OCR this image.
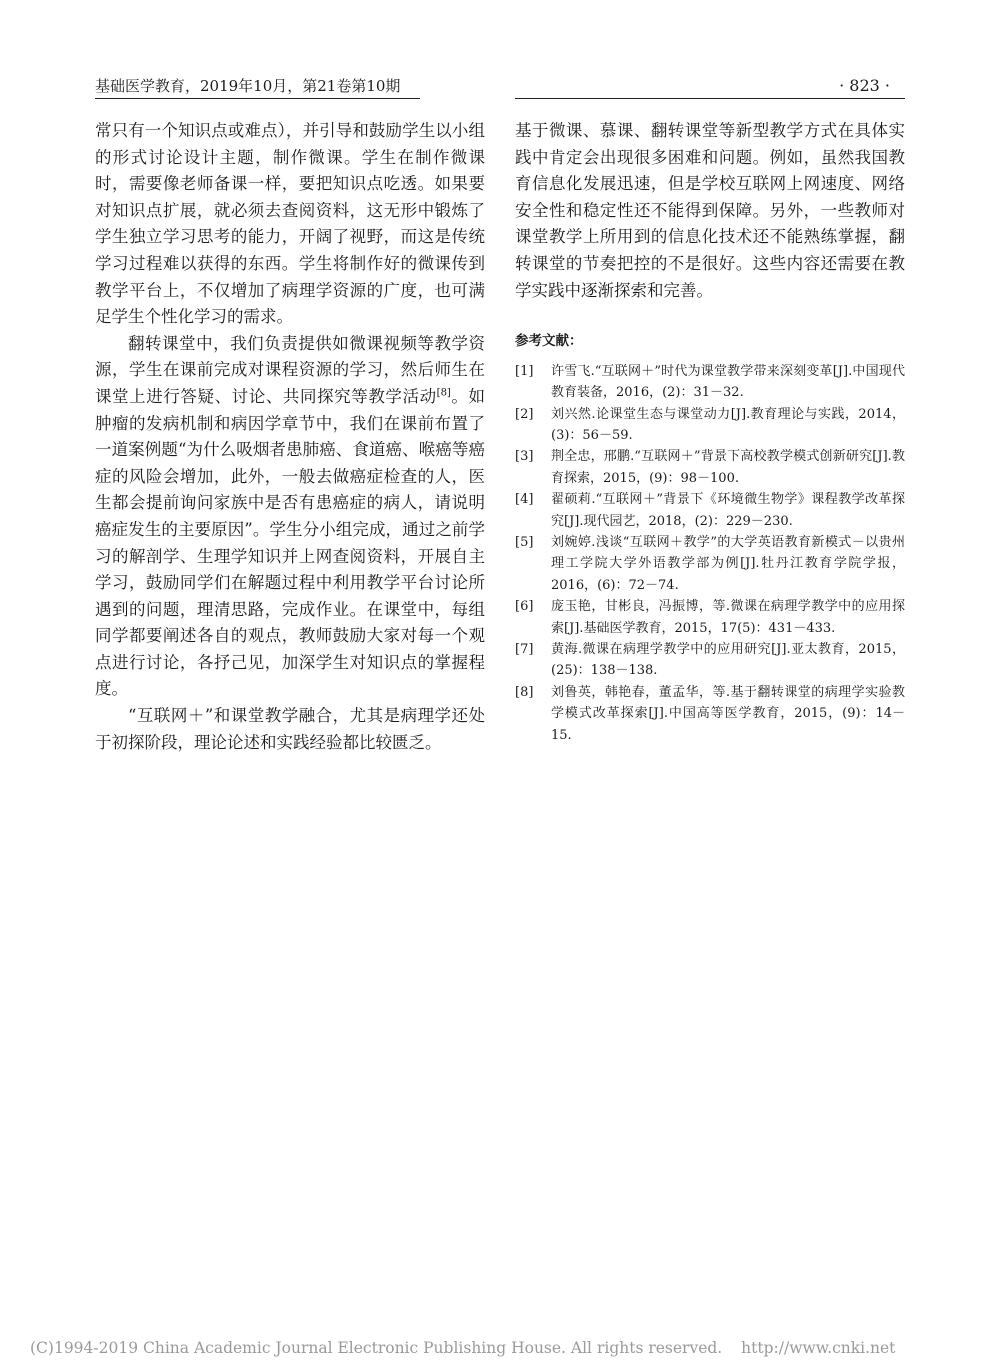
基础医学教育，2019年10月，第21卷第10期	· 823 ·

常只有一个知识点或难点），并引导和鼓励学生以小组的形式讨论设计主题，制作微课。学生在制作微课时，需要像老师备课一样，要把知识点吃透。如果要对知识点扩展，就必须去查阅资料，这无形中锻炼了学生独立学习思考的能力，开阔了视野，而这是传统学习过程难以获得的东西。学生将制作好的微课传到教学平台上，不仅增加了病理学资源的广度，也可满足学生个性化学习的需求。

翻转课堂中，我们负责提供如微课视频等教学资源，学生在课前完成对课程资源的学习，然后师生在课堂上进行答疑、讨论、共同探究等教学活动[8]。如肿瘤的发病机制和病因学章节中，我们在课前布置了一道案例题“为什么吸烟者患肺癌、食道癌、喉癌等癌症的风险会增加，此外，一般去做癌症检查的人，医生都会提前询问家族中是否有患癌症的病人，请说明癌症发生的主要原因”。学生分小组完成，通过之前学习的解剖学、生理学知识并上网查阅资料，开展自主学习，鼓励同学们在解题过程中利用教学平台讨论所遇到的问题，理清思路，完成作业。在课堂中，每组同学都要阐述各自的观点，教师鼓励大家对每一个观点进行讨论，各抒己见，加深学生对知识点的掌握程度。

“互联网＋”和课堂教学融合，尤其是病理学还处于初探阶段，理论论述和实践经验都比较匮乏。

基于微课、慕课、翻转课堂等新型教学方式在具体实践中肯定会出现很多困难和问题。例如，虽然我国教育信息化发展迅速，但是学校互联网上网速度、网络安全性和稳定性还不能得到保障。另外，一些教师对课堂教学上所用到的信息化技术还不能熟练掌握，翻转课堂的节奏把控的不是很好。这些内容还需要在教学实践中逐渐探索和完善。

参考文献：
[1]	许雪飞.“互联网＋”时代为课堂教学带来深刻变革[J].中国现代教育装备，2016，(2)：31－32.
[2]	刘兴然.论课堂生态与课堂动力[J].教育理论与实践，2014，(3)：56－59.
[3]	荆全忠，邢鹏.“互联网＋”背景下高校教学模式创新研究[J].教育探索，2015，(9)：98－100.
[4]	翟硕莉.“互联网＋”背景下《环境微生物学》课程教学改革探究[J].现代园艺，2018，(2)：229－230.
[5]	刘婉婷.浅谈“互联网＋教学”的大学英语教育新模式－以贵州理工学院大学外语教学部为例[J].牡丹江教育学院学报，2016，(6)：72－74.
[6]	庞玉艳，甘彬良，冯振博，等.微课在病理学教学中的应用探索[J].基础医学教育，2015，17(5)：431－433.
[7]	黄海.微课在病理学教学中的应用研究[J].亚太教育，2015，(25)：138－138.
[8]	刘鲁英，韩艳春，董孟华，等.基于翻转课堂的病理学实验教学模式改革探索[J].中国高等医学教育，2015，(9)：14－15.
(C)1994-2019 China Academic Journal Electronic Publishing House. All rights reserved. http://www.cnki.net
